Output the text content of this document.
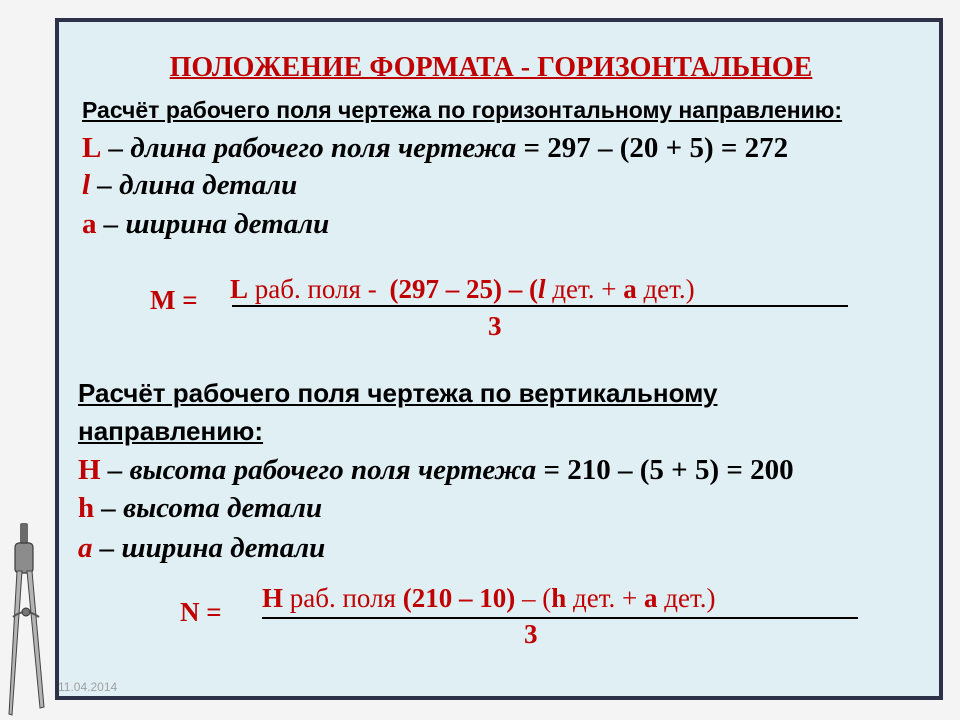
ПОЛОЖЕНИЕ ФОРМАТА - ГОРИЗОНТАЛЬНОЕ
Расчёт рабочего поля чертежа по горизонтальному направлению:
L – длина рабочего поля чертежа = 297 – (20 + 5) = 272
l – длина детали
a – ширина детали
M = L раб. поля - (297 – 25) – (l дет. + a дет.)
3
Расчёт рабочего поля чертежа по вертикальному
направлению:
H – высота рабочего поля чертежа = 210 – (5 + 5) = 200
h – высота детали
a – ширина детали
N = H раб. поля (210 – 10) – (h дет. + a дет.)
3
11.04.2014
